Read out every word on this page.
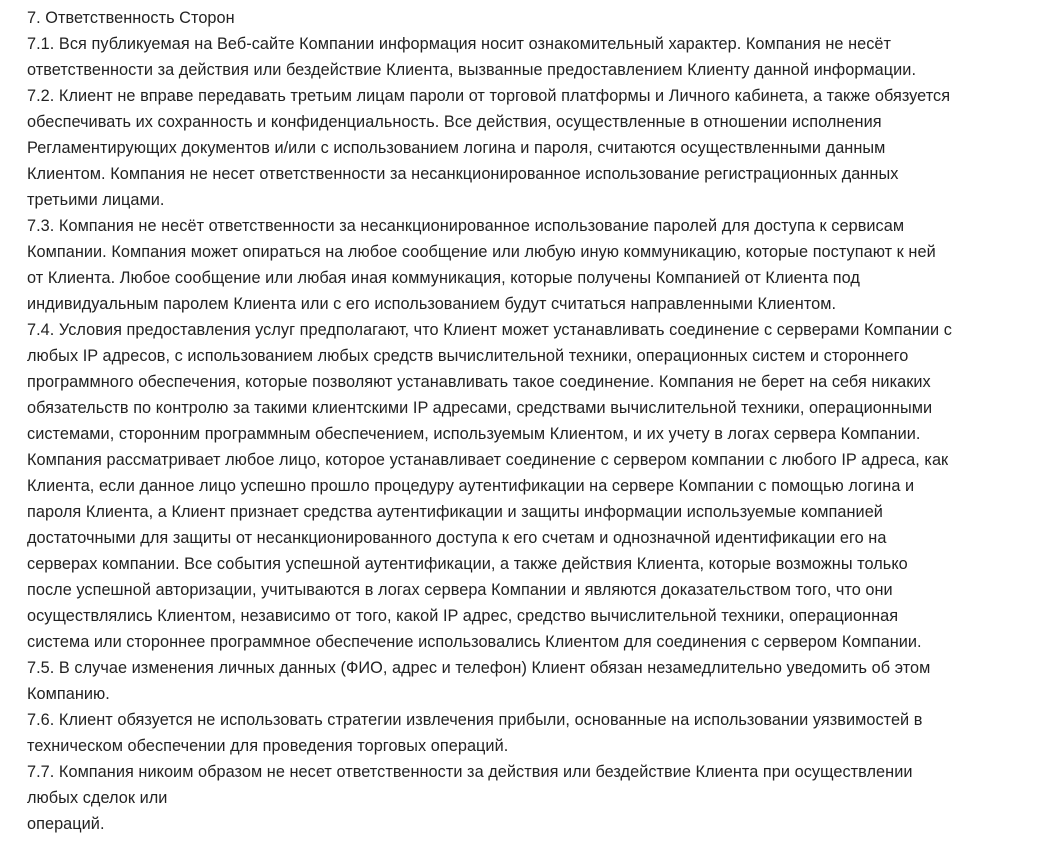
7. Ответственность Сторон

7.1. Вся публикуемая на Веб-сайте Компании информация носит ознакомительный характер. Компания не несёт
ответственности за действия или бездействие Клиента, вызванные предоставлением Клиенту данной информации.

7.2. Клиент не вправе передавать третьим лицам пароли от торговой платформы и Личного кабинета, а также обязуется
обеспечивать их сохранность и конфиденциальность. Все действия, осуществленные в отношении исполнения
Регламентирующих документов и/или с использованием логина и пароля, считаются осуществленными данным
Клиентом. Компания не несет ответственности за несанкционированное использование регистрационных данных
третьими лицами.

7.3. Компания не несёт ответственности за несанкционированное использование паролей для доступа к сервисам
Компании. Компания может опираться на любое сообщение или любую иную коммуникацию, которые поступают к ней
от Клиента. Любое сообщение или любая иная коммуникация, которые получены Компанией от Клиента под
индивидуальным паролем Клиента или с его использованием будут считаться направленными Клиентом.

7.4. Условия предоставления услуг предполагают, что Клиент может устанавливать соединение с серверами Компании с
любых IP адресов, с использованием любых средств вычислительной техники, операционных систем и стороннего
программного обеспечения, которые позволяют устанавливать такое соединение. Компания не берет на себя никаких
обязательств по контролю за такими клиентскими IP адресами, средствами вычислительной техники, операционными
системами, сторонним программным обеспечением, используемым Клиентом, и их учету в логах сервера Компании.
Компания рассматривает любое лицо, которое устанавливает соединение с сервером компании с любого IP адреса, как
Клиента, если данное лицо успешно прошло процедуру аутентификации на сервере Компании с помощью логина и
пароля Клиента, а Клиент признает средства аутентификации и защиты информации используемые компанией
достаточными для защиты от несанкционированного доступа к его счетам и однозначной идентификации его на
серверах компании. Все события успешной аутентификации, а также действия Клиента, которые возможны только
после успешной авторизации, учитываются в логах сервера Компании и являются доказательством того, что они
осуществлялись Клиентом, независимо от того, какой IP адрес, средство вычислительной техники, операционная
система или стороннее программное обеспечение использовались Клиентом для соединения с сервером Компании.

7.5. В случае изменения личных данных (ФИО, адрес и телефон) Клиент обязан незамедлительно уведомить об этом
Компанию.

7.6. Клиент обязуется не использовать стратегии извлечения прибыли, основанные на использовании уязвимостей в
техническом обеспечении для проведения торговых операций.

7.7. Компания никоим образом не несет ответственности за действия или бездействие Клиента при осуществлении
любых сделок или
операций.
